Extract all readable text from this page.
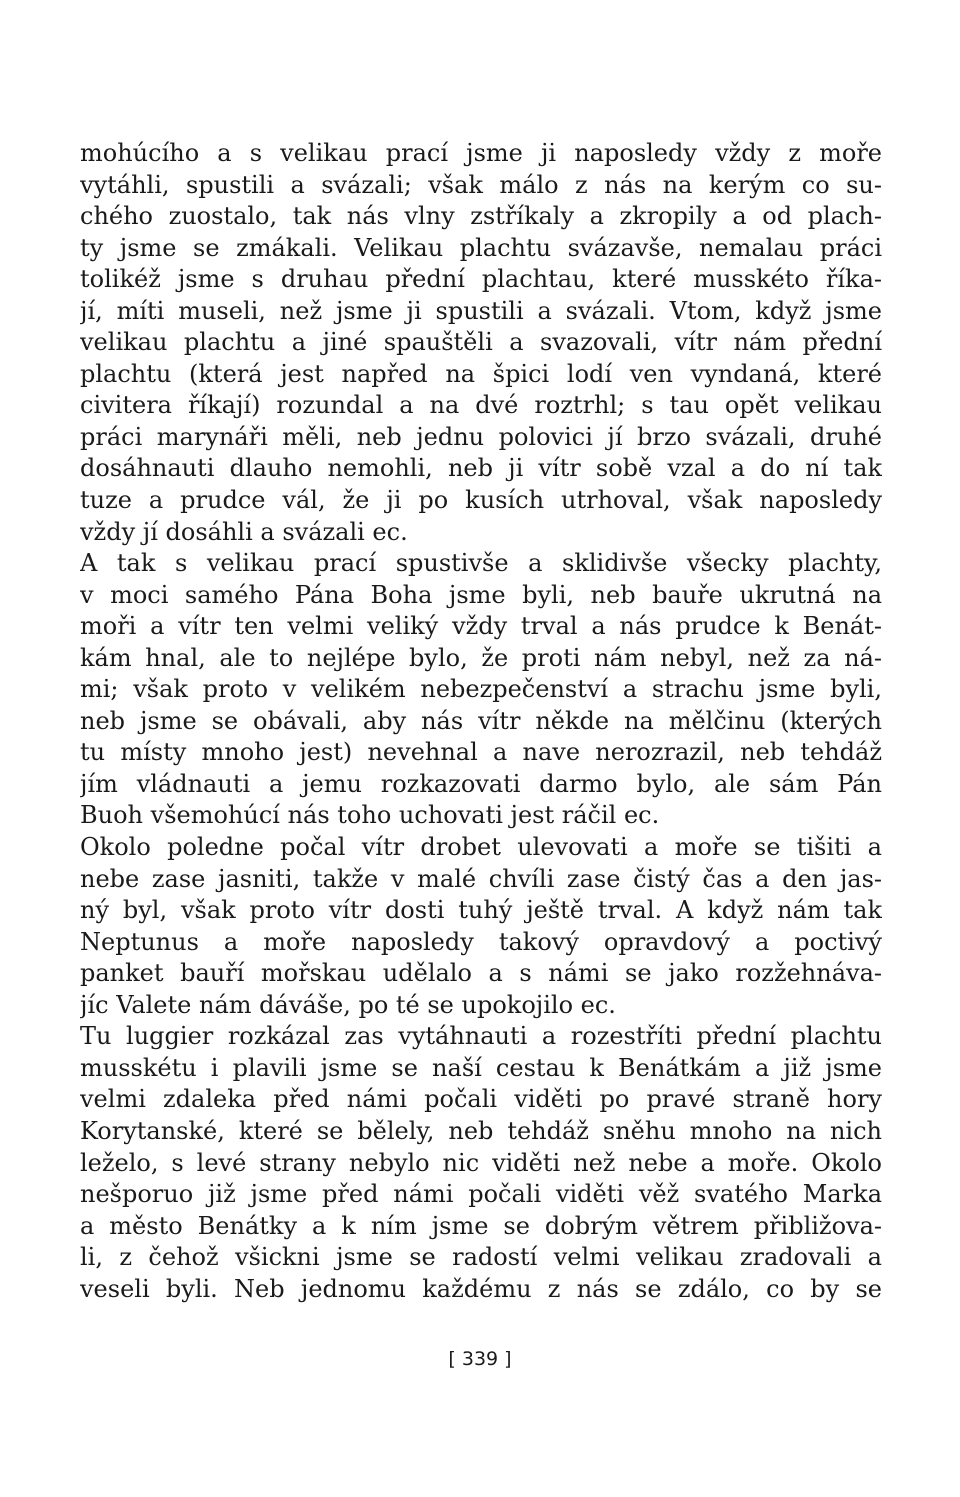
mohúcího a s velikau prací jsme ji naposledy vždy z moře
vytáhli, spustili a svázali; však málo z nás na kerým co su-
chého zuostalo, tak nás vlny zstříkaly a zkropily a od plach-
ty jsme se zmákali. Velikau plachtu svázavše, nemalau práci
tolikéž jsme s druhau přední plachtau, které musskéto říka-
jí, míti museli, než jsme ji spustili a svázali. Vtom, když jsme
velikau plachtu a jiné spauštěli a svazovali, vítr nám přední
plachtu (která jest napřed na špici lodí ven vyndaná, které
civitera říkají) rozundal a na dvé roztrhl; s tau opět velikau
práci marynáři měli, neb jednu polovici jí brzo svázali, druhé
dosáhnauti dlauho nemohli, neb ji vítr sobě vzal a do ní tak
tuze a prudce vál, že ji po kusích utrhoval, však naposledy
vždy jí dosáhli a svázali ec.
A tak s velikau prací spustivše a sklidivše všecky plachty,
v moci samého Pána Boha jsme byli, neb bauře ukrutná na
moři a vítr ten velmi veliký vždy trval a nás prudce k Benát-
kám hnal, ale to nejlépe bylo, že proti nám nebyl, než za ná-
mi; však proto v velikém nebezpečenství a strachu jsme byli,
neb jsme se obávali, aby nás vítr někde na mělčinu (kterých
tu místy mnoho jest) nevehnal a nave nerozrazil, neb tehdáž
jím vládnauti a jemu rozkazovati darmo bylo, ale sám Pán
Buoh všemohúcí nás toho uchovati jest ráčil ec.
Okolo poledne počal vítr drobet ulevovati a moře se tišiti a
nebe zase jasniti, takže v malé chvíli zase čistý čas a den jas-
ný byl, však proto vítr dosti tuhý ještě trval. A když nám tak
Neptunus a moře naposledy takový opravdový a poctivý
panket bauří mořskau udělalo a s námi se jako rozžehnáva-
jíc Valete nám dáváše, po té se upokojilo ec.
Tu luggier rozkázal zas vytáhnauti a rozestříti přední plachtu
musskétu i plavili jsme se naší cestau k Benátkám a již jsme
velmi zdaleka před námi počali viděti po pravé straně hory
Korytanské, které se bělely, neb tehdáž sněhu mnoho na nich
leželo, s levé strany nebylo nic viděti než nebe a moře. Okolo
nešporuo již jsme před námi počali viděti věž svatého Marka
a město Benátky a k ním jsme se dobrým větrem přibližova-
li, z čehož všickni jsme se radostí velmi velikau zradovali a
veseli byli. Neb jednomu každému z nás se zdálo, co by se
[ 339 ]
